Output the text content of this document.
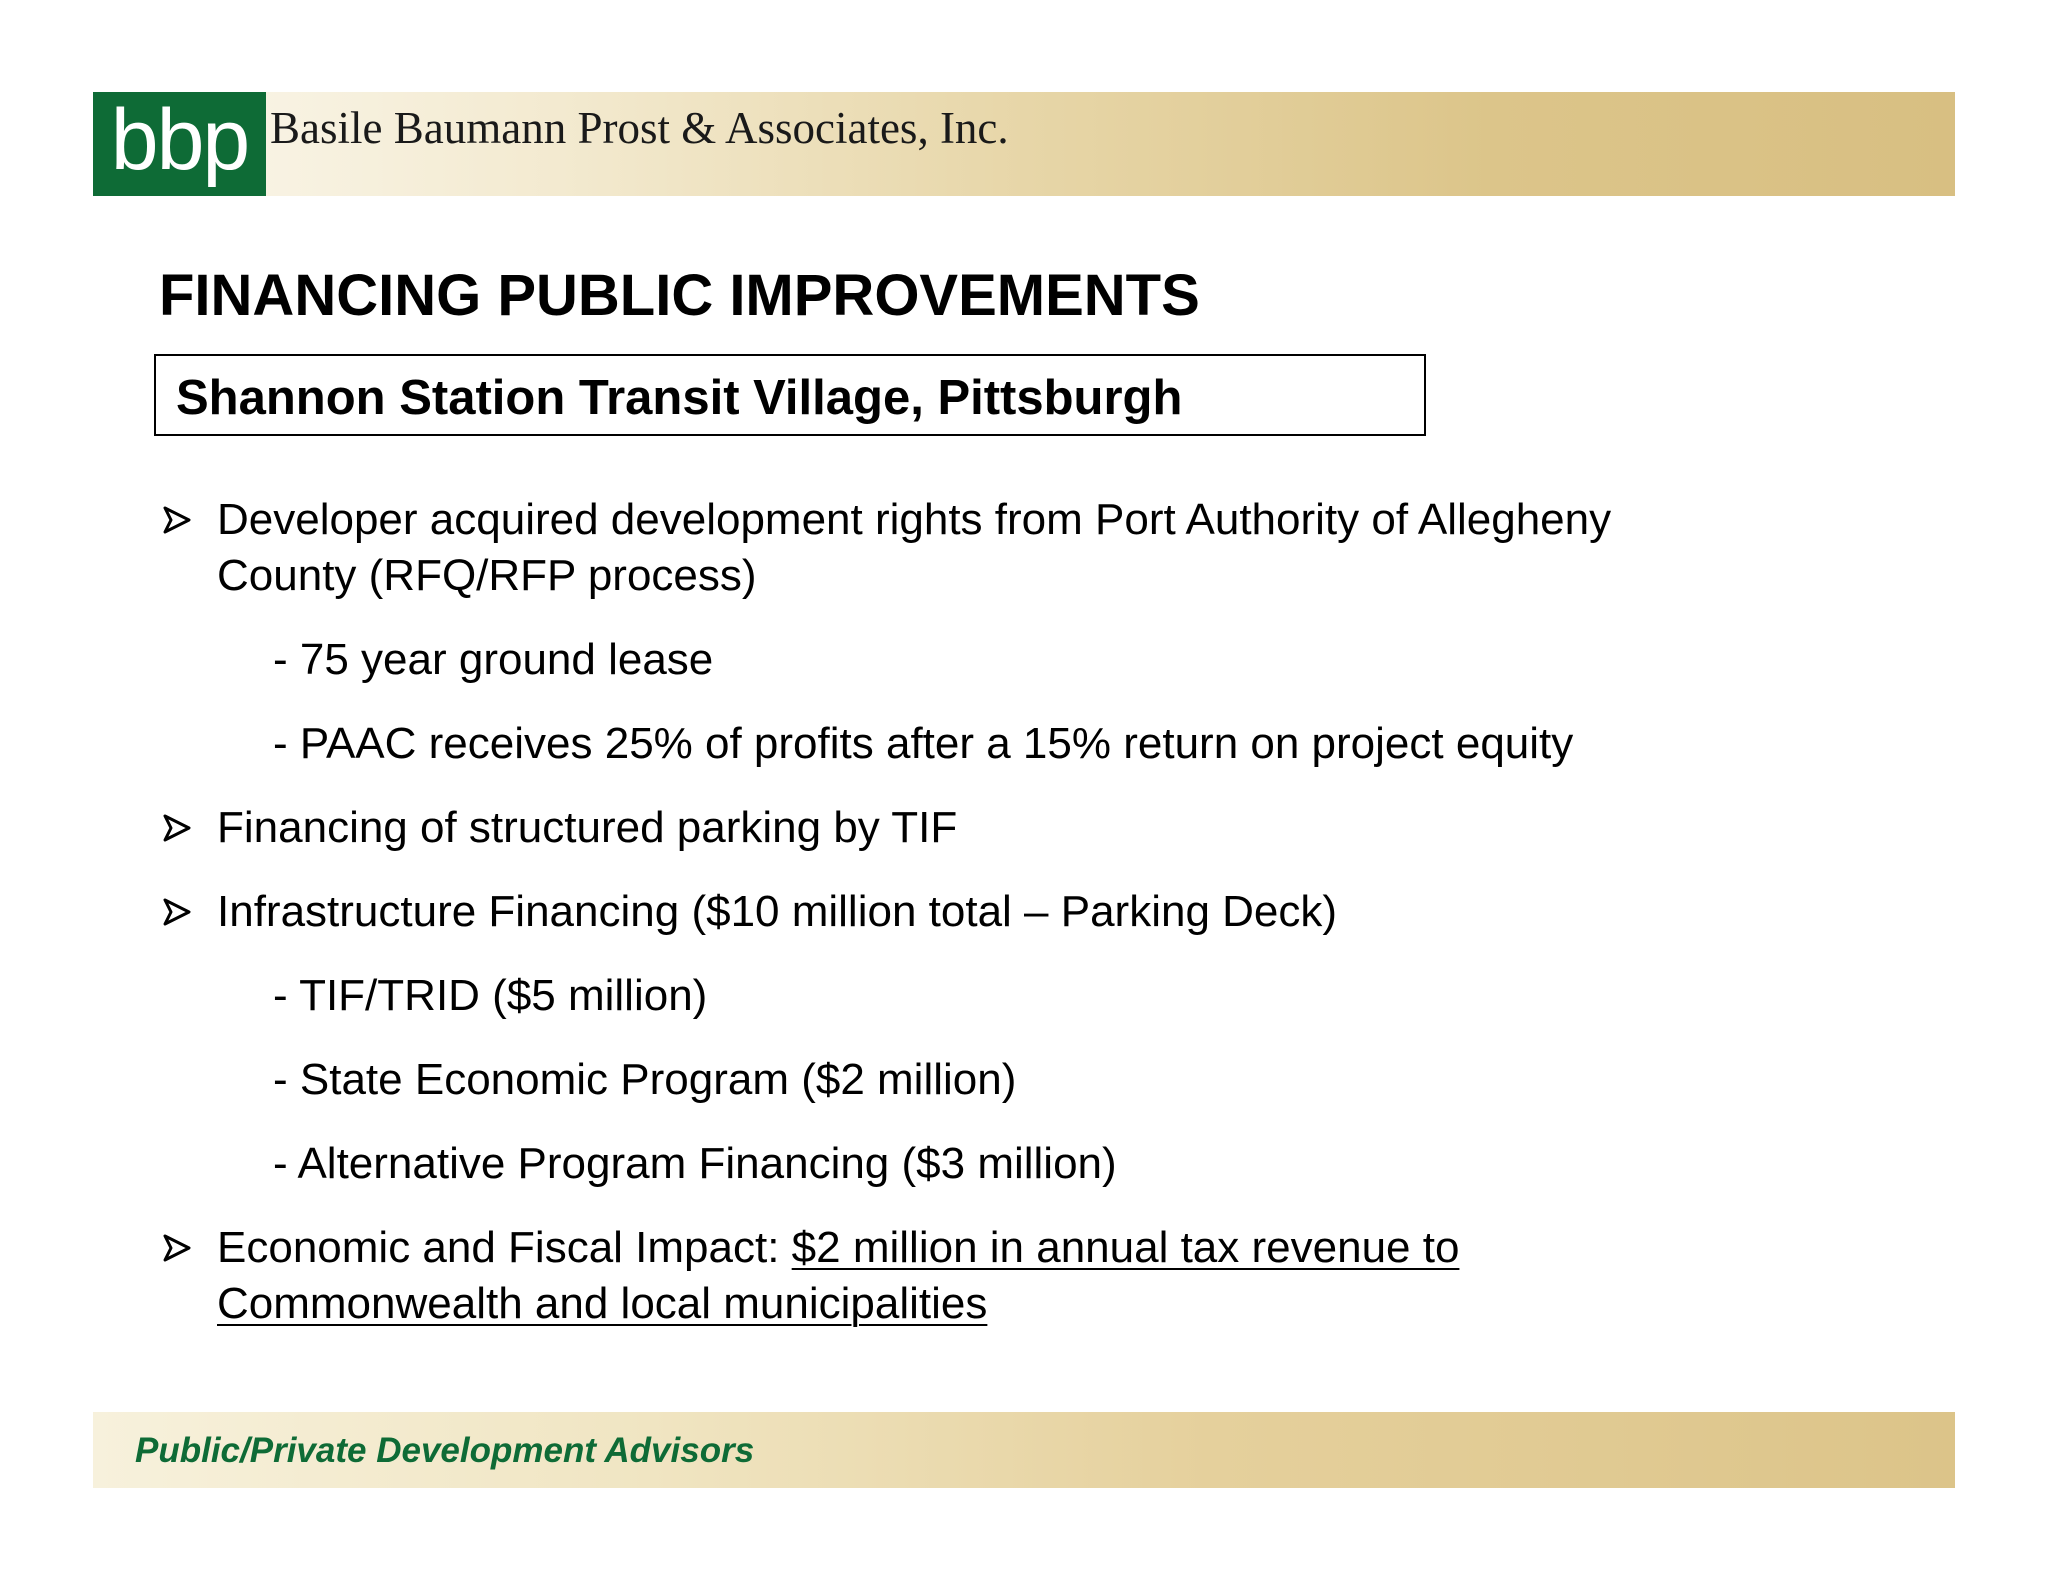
bbp Basile Baumann Prost & Associates, Inc.
FINANCING PUBLIC IMPROVEMENTS
Shannon Station Transit Village, Pittsburgh
Developer acquired development rights from Port Authority of Allegheny
County (RFQ/RFP process)
- 75 year ground lease
- PAAC receives 25% of profits after a 15% return on project equity
Financing of structured parking by TIF
Infrastructure Financing ($10 million total – Parking Deck)
- TIF/TRID ($5 million)
- State Economic Program ($2 million)
- Alternative Program Financing ($3 million)
Economic and Fiscal Impact: $2 million in annual tax revenue to
Commonwealth and local municipalities
Public/Private Development Advisors
